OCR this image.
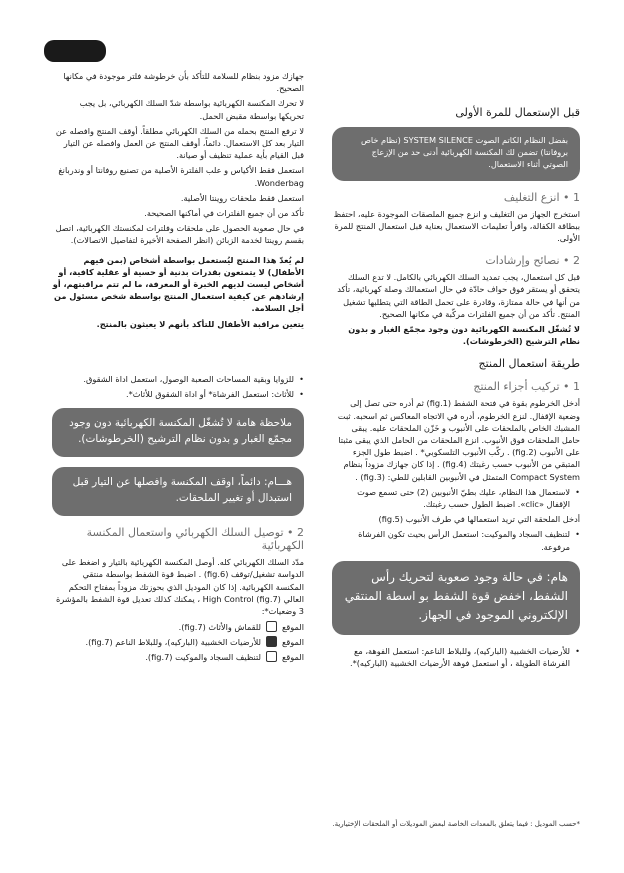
جهازك مزود بنظام للسلامة للتأكد بأن خرطوشة فلتر موجودة في مكانها الصحيح.

لا تحرك المكنسة الكهربائية بواسطة شدّ السلك الكهربائي، بل يجب تحريكها بواسطة مقبض الحمل.

لا ترفع المنتج بحمله من السلك الكهربائي مطلقاً. أوقف المنتج وافصله عن التيار بعد كل الاستعمال. دائماً، أوقف المنتج عن العمل وافصله عن التيار قبل القيام بأية عملية تنظيف أو صيانة.

استعمل فقط الأكياس و علب الفلترة الأصلية من تصنيع روفانتا أو وندربانغ Wonderbag.

استعمل فقط ملحقات روينتا الأصلية.

تأكد من أن جميع الفلترات في أماكنها الصحيحة.

في حال صعوبة الحصول على ملحقات وفلترات لمكنستك الكهربائية، اتصل بقسم روينتا لخدمة الزبائن (انظر الصفحة الأخيرة لتفاصيل الاتصالات).

لم يُعدّ هذا المنتج ليُستعمل بواسطة أشخاص (بمن فيهم الأطفال) لا يتمتعون بقدرات بدنية أو حسية أو عقلية كافية، أو أشخاص ليست لديهم الخبرة أو المعرفة، ما لم تتم مراقبتهم، أو إرشادهم عن كيفية استعمال المنتج بواسطة شخص مسئول من أجل السلامة.

يتعين مراقبة الأطفال للتأكد بأنهم لا يعبثون بالمنتج.

• للزوايا وبقية المساحات الصعبة الوصول، استعمل اداة الشقوق.

• للأثاث: استعمل الفرشاة* أو اداة الشقوق للأثاث*.

ملاحظة هامة لا تُشغّل المكنسة الكهربائية دون وجود مجمّع الغبار و بدون نظام الترشيح (الخرطوشات).

هـــام: دائماً، اوقف المكنسة وافصلها عن التيار قبل استبدال أو تغيير الملحقات.

2 • توصيل السلك الكهربائي واستعمال المكنسة الكهربائية

مدّد السلك الكهربائي كله. أوصل المكنسة الكهربائية بالتيار و اضغط على الدواسة تشغيل/توقف (fig.6) . اضبط قوة الشفط بواسطة منتقي المكنسة الكهربائية. إذا كان الموديل الذي بحوزتك مزوداً بمفتاح التحكم العالي High Control (fig.7) ، يمكنك كذلك تعديل قوة الشفط بالمؤشرة 3 وضعيات*:

الموقع
للقماش والأثاث (fig.7).
الموقع
للأرضيات الخشبية (الباركيه)، وللبلاط الناعم (fig.7).
الموقع
لتنظيف السجاد والموكيت (fig.7).
قبل الإستعمال للمرة الأولى

بفضل النظام الكاتم الصوت SYSTEM SILENCE (نظام خاص بروفانتا) تضمن لك المكنسة الكهربائية أدنى حد من الإزعاج الصوتي أثناء الاستعمال.

1 • انزع التغليف

استخرج الجهاز من التغليف و انزع جميع الملصقات الموجودة عليه، احتفظ ببطاقة الكفالة، واقرأ تعليمات الاستعمال بعناية قبل استعمال المنتج للمرة الأولى.

2 • نصائح وإرشادات

قبل كل استعمال، يجب تمديد السلك الكهربائي بالكامل. لا تدع السلك يتحقق أو يستقر فوق حواف حادّة في حال استعمالك وصلة كهربائية، تأكد من أنها في حالة ممتازة، وقادرة على تحمل الطاقة التي يتطلبها تشغيل المنتج. تأكد من أن جميع الفلترات مركّبة في مكانها الصحيح.

لا تُشغّل المكنسة الكهربائية دون وجود مجمّع الغبار و بدون نظام الترشيح (الخرطوشات).

طريقة استعمال المنتج
1 • تركيب أجزاء المنتج

أدخل الخرطوم بقوة في فتحة الشفط (fig.1) ثم أدره حتى تصل إلى وضعية الإقفال. لنزع الخرطوم، أدره في الاتجاه المعاكس ثم اسحبه. ثبت المشبك الخاص بالملحقات على الأنبوب و خَزّن الملحقات عليه. يبقى حامل الملحقات فوق الأنبوب. انزع الملحقات من الحامل الذي يبقى مثبتا على الأنبوب (fig.2) . ركّب الأنبوب التلسكوبي* . اضبط طول الجزء المتبقي من الأنبوب حسب رغبتك (fig.4) . إذا كان جهازك مزوداً بنظام Compact System المتمثل في الأنبوبين القابلين للطي: (fig.3) .

• لاستعمال هذا النظام، عليك بطيّ الأنبوبين (2) حتى تسمع صوت الإقفال «clic». اضبط الطول حسب رغبتك.

أدخل الملحقة التي تريد استعمالها في طرف الأنبوب (fig.5)

• لتنظيف السجاد والموكيت: استعمل الرأس بحيث تكون الفرشاة مرفوعة.

هام: في حالة وجود صعوبة لتحريك رأس الشفط، اخفض قوة الشفط بو اسطة المنتقي الإلكتروني الموجود في الجهاز.

• للأرضيات الخشبية (الباركيه)، وللبلاط الناعم: استعمل الفوهة، مع الفرشاة الطويلة ، أو استعمل فوهة الأرضيات الخشبية (الباركيه)*.

*حسب الموديل : فيما يتعلق بالمعدات الخاصة لبعض الموديلات أو الملحقات الإختيارية.
